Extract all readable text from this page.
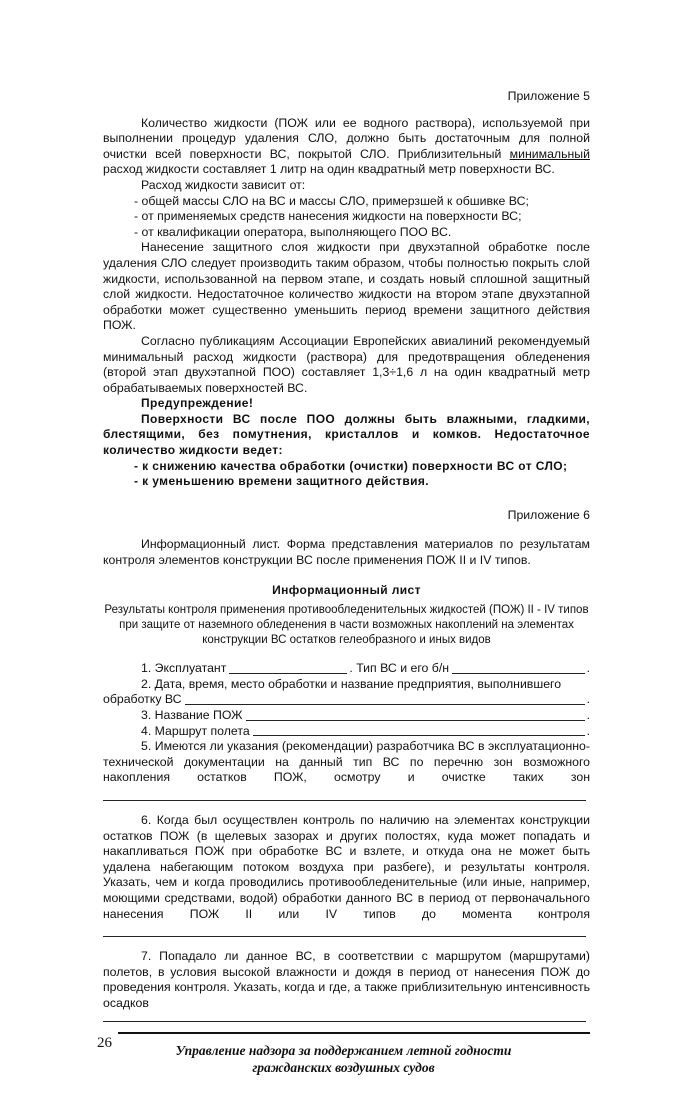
Приложение 5

Количество жидкости (ПОЖ или ее водного раствора), используемой при выполнении процедур удаления СЛО, должно быть достаточным для полной очистки всей поверхности ВС, покрытой СЛО. Приблизительный минимальный расход жидкости составляет 1 литр на один квадратный метр поверхности ВС.

Расход жидкости зависит от:

- общей массы СЛО на ВС и массы СЛО, примерзшей к обшивке ВС;

- от применяемых средств нанесения жидкости на поверхности ВС;

- от квалификации оператора, выполняющего ПОО ВС.

Нанесение защитного слоя жидкости при двухэтапной обработке после удаления СЛО следует производить таким образом, чтобы полностью покрыть слой жидкости, использованной на первом этапе, и создать новый сплошной защитный слой жидкости. Недостаточное количество жидкости на втором этапе двухэтапной обработки может существенно уменьшить период времени защитного действия ПОЖ.

Согласно публикациям Ассоциации Европейских авиалиний рекомендуемый минимальный расход жидкости (раствора) для предотвращения обледенения (второй этап двухэтапной ПОО) составляет 1,3÷1,6 л на один квадратный метр обрабатываемых поверхностей ВС.

Предупреждение!

Поверхности ВС после ПОО должны быть влажными, гладкими, блестящими, без помутнения, кристаллов и комков. Недостаточное количество жидкости ведет:

- к снижению качества обработки (очистки) поверхности ВС от СЛО;

- к уменьшению времени защитного действия.

Приложение 6

Информационный лист. Форма представления материалов по результатам контроля элементов конструкции ВС после применения ПОЖ II и IV типов.

Информационный лист

Результаты контроля применения противообледенительных жидкостей (ПОЖ) II - IV типов при защите от наземного обледенения в части возможных накоплений на элементах конструкции ВС остатков гелеобразного и иных видов

1. Эксплуатант	. Тип ВС и его б/н	.

2. Дата, время, место обработки и название предприятия, выполнившего

обработку ВС	.
3. Название ПОЖ	.
4. Маршрут полета	.

5. Имеются ли указания (рекомендации) разработчика ВС в эксплуатационно-технической документации на данный тип ВС по перечню зон возможного накопления остатков ПОЖ, осмотру и очистке таких зон

6. Когда был осуществлен контроль по наличию на элементах конструкции остатков ПОЖ (в щелевых зазорах и других полостях, куда может попадать и накапливаться ПОЖ при обработке ВС и взлете, и откуда она не может быть удалена набегающим потоком воздуха при разбеге), и результаты контроля. Указать, чем и когда проводились противообледенительные (или иные, например, моющими средствами, водой) обработки данного ВС в период от первоначального нанесения ПОЖ II или IV типов до момента контроля

7. Попадало ли данное ВС, в соответствии с маршрутом (маршрутами) полетов, в условия высокой влажности и дождя в период от нанесения ПОЖ до проведения контроля. Указать, когда и где, а также приблизительную интенсивность осадков

26	Управление надзора за поддержанием летной годности
гражданских воздушных судов
